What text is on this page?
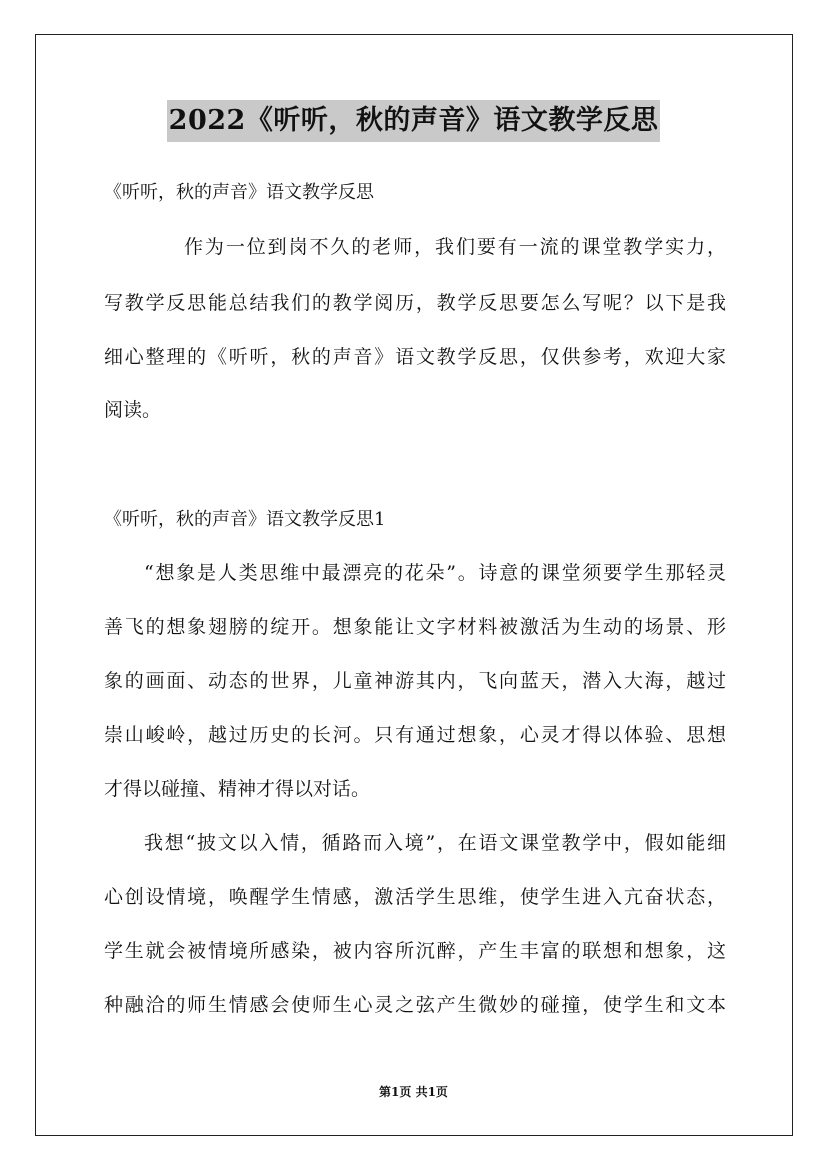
2022《听听，秋的声音》语文教学反思
《听听，秋的声音》语文教学反思
作为一位到岗不久的老师，我们要有一流的课堂教学实力，
写教学反思能总结我们的教学阅历，教学反思要怎么写呢？以下是我
细心整理的《听听，秋的声音》语文教学反思，仅供参考，欢迎大家
阅读。
《听听，秋的声音》语文教学反思1
“想象是人类思维中最漂亮的花朵”。诗意的课堂须要学生那轻灵
善飞的想象翅膀的绽开。想象能让文字材料被激活为生动的场景、形
象的画面、动态的世界，儿童神游其内，飞向蓝天，潜入大海，越过
崇山峻岭，越过历史的长河。只有通过想象，心灵才得以体验、思想
才得以碰撞、精神才得以对话。
我想“披文以入情，循路而入境”，在语文课堂教学中，假如能细
心创设情境，唤醒学生情感，激活学生思维，使学生进入亢奋状态，
学生就会被情境所感染，被内容所沉醉，产生丰富的联想和想象，这
种融洽的师生情感会使师生心灵之弦产生微妙的碰撞，使学生和文本
第1页 共1页
